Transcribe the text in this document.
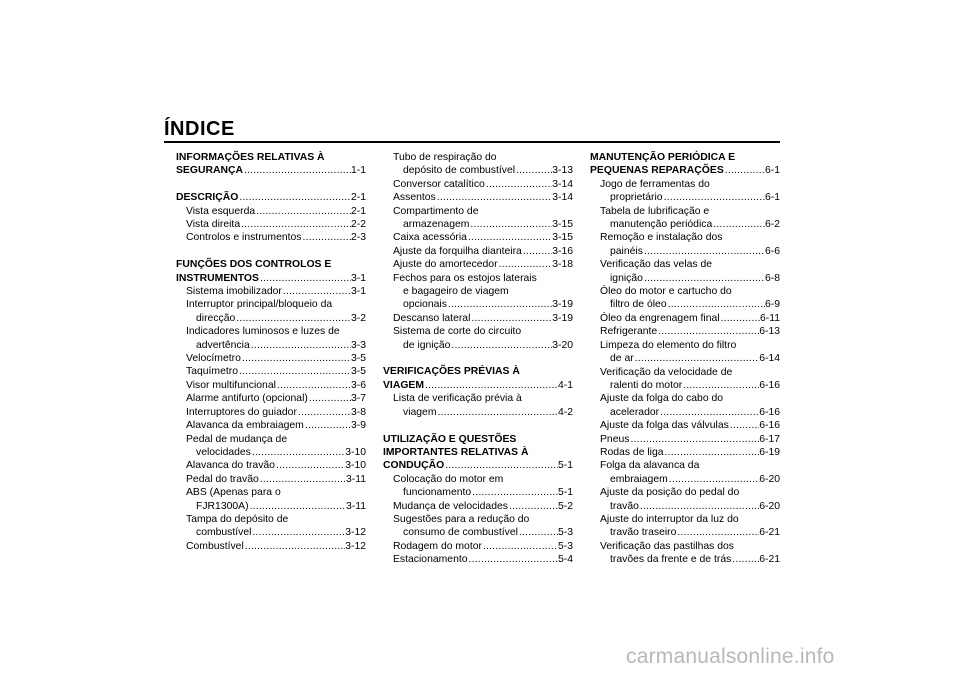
ÍNDICE
INFORMAÇÕES RELATIVAS À
SEGURANÇA .....	1-1
DESCRIÇÃO .....	2-1
Vista esquerda .....	2-1
Vista direita .....	2-2
Controlos e instrumentos .....	2-3
FUNÇÕES DOS CONTROLOS E
INSTRUMENTOS .....	3-1
Sistema imobilizador .....	3-1
Interruptor principal/bloqueio da
direcção .....	3-2
Indicadores luminosos e luzes de
advertência .....	3-3
Velocímetro .....	3-5
Taquímetro .....	3-5
Visor multifuncional .....	3-6
Alarme antifurto (opcional) .....	3-7
Interruptores do guiador .....	3-8
Alavanca da embraiagem .....	3-9
Pedal de mudança de
velocidades .....	3-10
Alavanca do travão .....	3-10
Pedal do travão .....	3-11
ABS (Apenas para o
FJR1300A) .....	3-11
Tampa do depósito de
combustível .....	3-12
Combustível .....	3-12
Tubo de respiração do
depósito de combustível .....	3-13
Conversor catalítico .....	3-14
Assentos .....	3-14
Compartimento de
armazenagem .....	3-15
Caixa acessória .....	3-15
Ajuste da forquilha dianteira .....	3-16
Ajuste do amortecedor .....	3-18
Fechos para os estojos laterais
e bagageiro de viagem
opcionais .....	3-19
Descanso lateral .....	3-19
Sistema de corte do circuito
de ignição .....	3-20
VERIFICAÇÕES PRÉVIAS À
VIAGEM .....	4-1
Lista de verificação prévia à
viagem .....	4-2
UTILIZAÇÃO E QUESTÕES
IMPORTANTES RELATIVAS À
CONDUÇÃO .....	5-1
Colocação do motor em
funcionamento .....	5-1
Mudança de velocidades .....	5-2
Sugestões para a redução do
consumo de combustível .....	5-3
Rodagem do motor .....	5-3
Estacionamento .....	5-4
MANUTENÇÃO PERIÓDICA E
PEQUENAS REPARAÇÕES .....	6-1
Jogo de ferramentas do
proprietário .....	6-1
Tabela de lubrificação e
manutenção periódica .....	6-2
Remoção e instalação dos
painéis .....	6-6
Verificação das velas de
ignição .....	6-8
Óleo do motor e cartucho do
filtro de óleo .....	6-9
Óleo da engrenagem final .....	6-11
Refrigerante .....	6-13
Limpeza do elemento do filtro
de ar .....	6-14
Verificação da velocidade de
ralenti do motor .....	6-16
Ajuste da folga do cabo do
acelerador .....	6-16
Ajuste da folga das válvulas .....	6-16
Pneus .....	6-17
Rodas de liga .....	6-19
Folga da alavanca da
embraiagem .....	6-20
Ajuste da posição do pedal do
travão .....	6-20
Ajuste do interruptor da luz do
travão traseiro .....	6-21
Verificação das pastilhas dos
travões da frente e de trás .....	6-21
carmanualsonline.info
